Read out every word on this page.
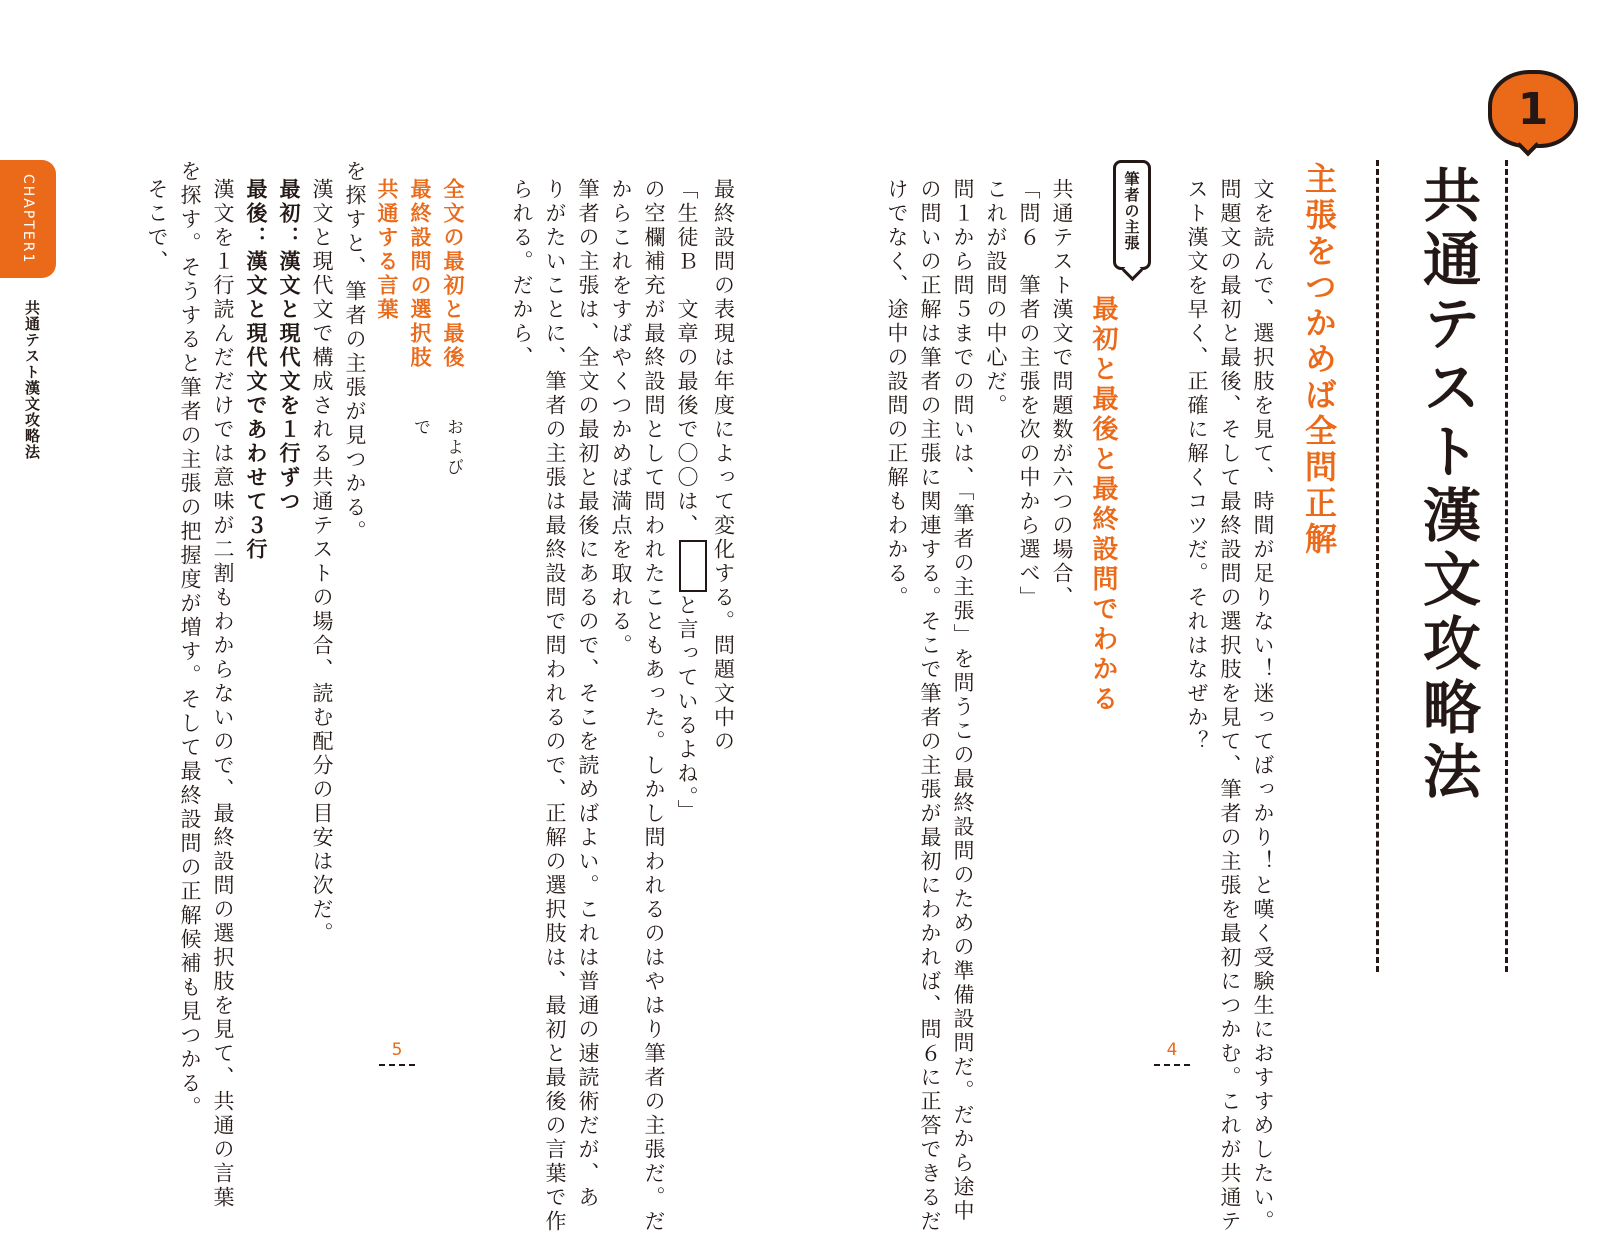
1
共通テスト漢文攻略法
主張をつかめば全問正解
文を読んで、選択肢を見て、時間が足りない！迷ってばっかり！と嘆く受験生におすすめしたい。
問題文の最初と最後、そして最終設問の選択肢を見て、筆者の主張を最初につかむ。これが共通テ
スト漢文を早く、正確に解くコツだ。それはなぜか？
筆者の主張
最初と最後と最終設問でわかる
共通テスト漢文で問題数が六つの場合、
「問６　筆者の主張を次の中から選べ」
これが設問の中心だ。
問１から問５までの問いは、「筆者の主張」を問うこの最終設問のための準備設問だ。だから途中
の問いの正解は筆者の主張に関連する。そこで筆者の主張が最初にわかれば、問６に正答できるだ
けでなく、途中の設問の正解もわかる。
4
最終設問の表現は年度によって変化する。問題文中の
「生徒Ｂ　文章の最後で〇〇は、と言っているよね。」
の空欄補充が最終設問として問われたこともあった。しかし問われるのはやはり筆者の主張だ。だ
からこれをすばやくつかめば満点を取れる。
筆者の主張は、全文の最初と最後にあるので、そこを読めばよい。これは普通の速読術だが、あ
りがたいことに、筆者の主張は最終設問で問われるので、正解の選択肢は、最初と最後の言葉で作
られる。だから、
全文の最初と最後　　および
最終設問の選択肢　　で
共通する言葉
を探すと、筆者の主張が見つかる。
漢文と現代文で構成される共通テストの場合、読む配分の目安は次だ。
最初：漢文と現代文を１行ずつ
最後：漢文と現代文であわせて３行
漢文を１行読んだだけでは意味が二割もわからないので、最終設問の選択肢を見て、共通の言葉
を探す。そうすると筆者の主張の把握度が増す。そして最終設問の正解候補も見つかる。
そこで、
CHAPTER1
共通テスト漢文攻略法
5
